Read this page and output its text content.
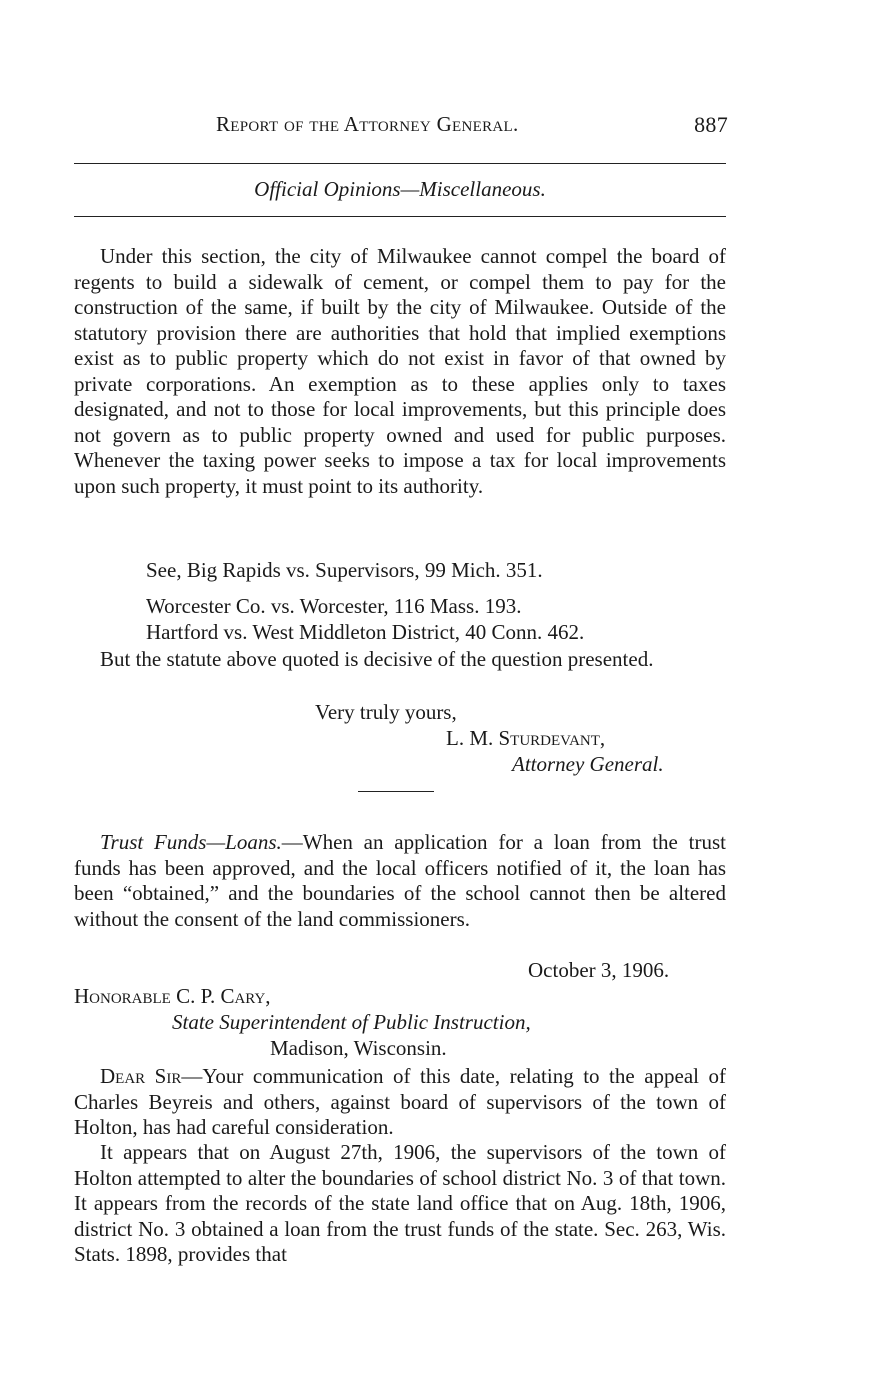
Report of the Attorney General.	887
Official Opinions—Miscellaneous.
Under this section, the city of Milwaukee cannot compel the board of regents to build a sidewalk of cement, or compel them to pay for the construction of the same, if built by the city of Milwaukee. Outside of the statutory provision there are authorities that hold that implied exemptions exist as to public property which do not exist in favor of that owned by private corporations. An exemption as to these applies only to taxes designated, and not to those for local improvements, but this principle does not govern as to public property owned and used for public purposes. Whenever the taxing power seeks to impose a tax for local improvements upon such property, it must point to its authority.
See, Big Rapids vs. Supervisors, 99 Mich. 351.
Worcester Co. vs. Worcester, 116 Mass. 193.
Hartford vs. West Middleton District, 40 Conn. 462.
But the statute above quoted is decisive of the question presented.
Very truly yours,
L. M. Sturdevant,
Attorney General.
Trust Funds—Loans.—When an application for a loan from the trust funds has been approved, and the local officers notified of it, the loan has been “obtained,” and the boundaries of the school cannot then be altered without the consent of the land commissioners.
October 3, 1906.
Honorable C. P. Cary,
State Superintendent of Public Instruction,
Madison, Wisconsin.
Dear Sir—Your communication of this date, relating to the appeal of Charles Beyreis and others, against board of supervisors of the town of Holton, has had careful consideration.
It appears that on August 27th, 1906, the supervisors of the town of Holton attempted to alter the boundaries of school district No. 3 of that town. It appears from the records of the state land office that on Aug. 18th, 1906, district No. 3 obtained a loan from the trust funds of the state. Sec. 263, Wis. Stats. 1898, provides that
